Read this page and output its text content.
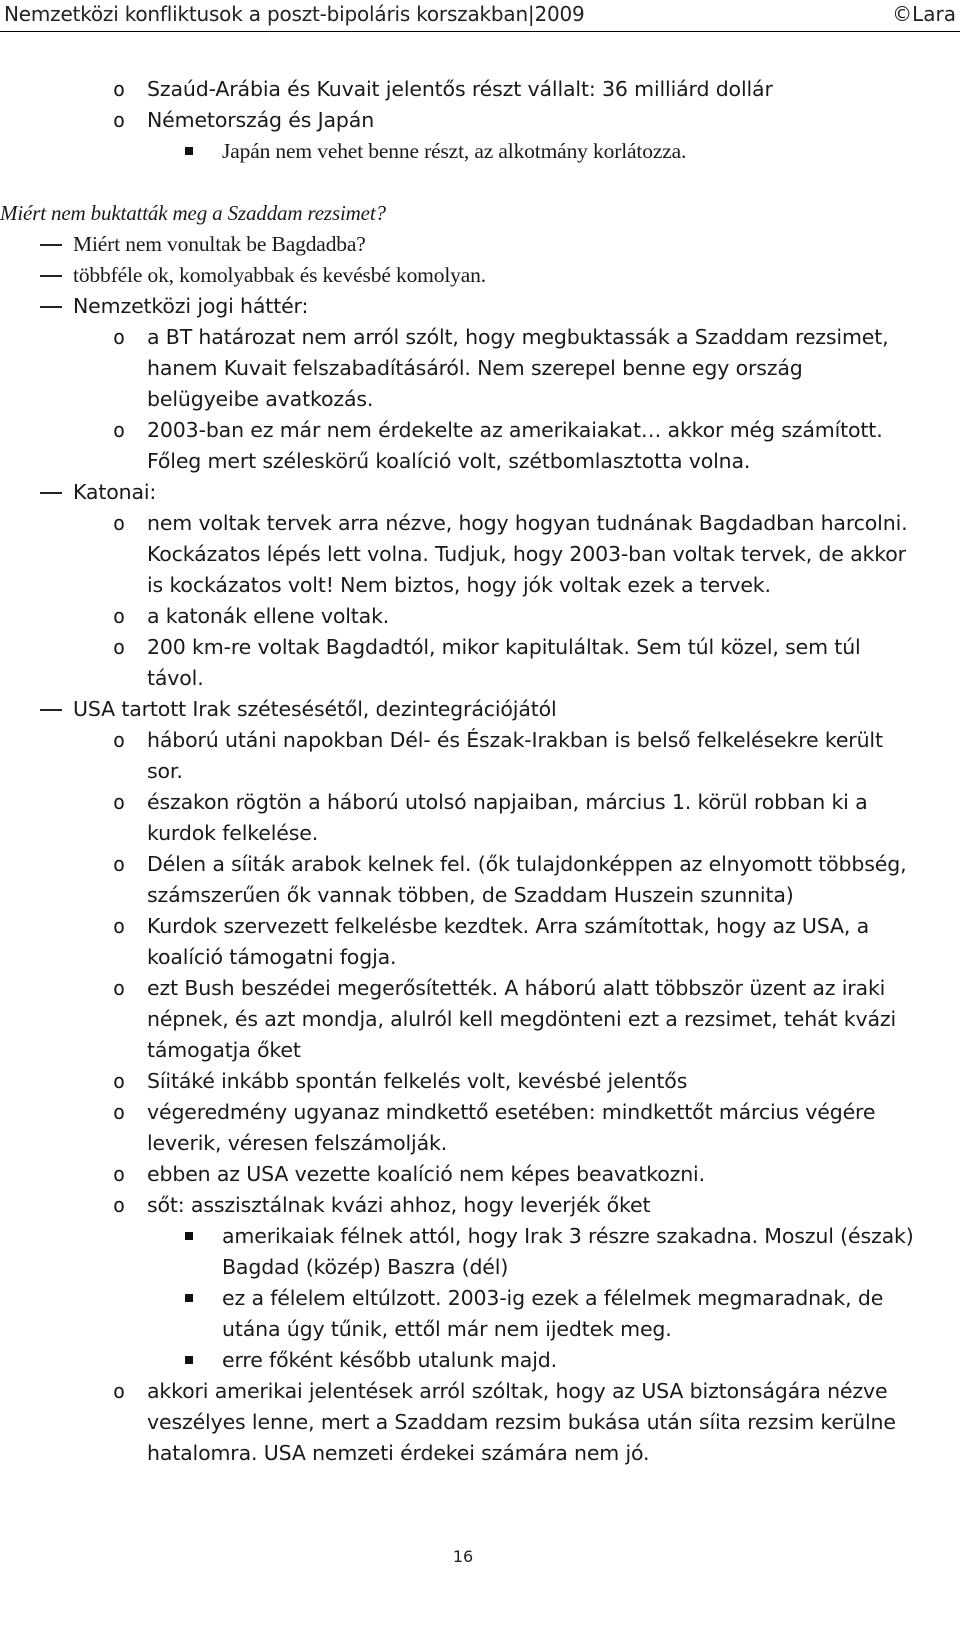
Nemzetközi konfliktusok a poszt-bipoláris korszakban|2009	©Lara
o Szaúd-Arábia és Kuvait jelentős részt vállalt: 36 milliárd dollár
o Németország és Japán
Japán nem vehet benne részt, az alkotmány korlátozza.
Miért nem buktatták meg a Szaddam rezsimet?
Miért nem vonultak be Bagdadba?
többféle ok, komolyabbak és kevésbé komolyan.
Nemzetközi jogi háttér:
o a BT határozat nem arról szólt, hogy megbuktassák a Szaddam rezsimet,
hanem Kuvait felszabadításáról. Nem szerepel benne egy ország
belügyeibe avatkozás.
o 2003-ban ez már nem érdekelte az amerikaiakat… akkor még számított.
Főleg mert széleskörű koalíció volt, szétbomlasztotta volna.
Katonai:
o nem voltak tervek arra nézve, hogy hogyan tudnának Bagdadban harcolni.
Kockázatos lépés lett volna. Tudjuk, hogy 2003-ban voltak tervek, de akkor
is kockázatos volt! Nem biztos, hogy jók voltak ezek a tervek.
o a katonák ellene voltak.
o 200 km-re voltak Bagdadtól, mikor kapituláltak. Sem túl közel, sem túl
távol.
USA tartott Irak szétesésétől, dezintegrációjától
o háború utáni napokban Dél- és Észak-Irakban is belső felkelésekre került
sor.
o északon rögtön a háború utolsó napjaiban, március 1. körül robban ki a
kurdok felkelése.
o Délen a síiták arabok kelnek fel. (ők tulajdonképpen az elnyomott többség,
számszerűen ők vannak többen, de Szaddam Huszein szunnita)
o Kurdok szervezett felkelésbe kezdtek. Arra számítottak, hogy az USA, a
koalíció támogatni fogja.
o ezt Bush beszédei megerősítették. A háború alatt többször üzent az iraki
népnek, és azt mondja, alulról kell megdönteni ezt a rezsimet, tehát kvázi
támogatja őket
o Síitáké inkább spontán felkelés volt, kevésbé jelentős
o végeredmény ugyanaz mindkettő esetében: mindkettőt március végére
leverik, véresen felszámolják.
o ebben az USA vezette koalíció nem képes beavatkozni.
o sőt: asszisztálnak kvázi ahhoz, hogy leverjék őket
amerikaiak félnek attól, hogy Irak 3 részre szakadna. Moszul (észak)
Bagdad (közép) Baszra (dél)
ez a félelem eltúlzott. 2003-ig ezek a félelmek megmaradnak, de
utána úgy tűnik, ettől már nem ijedtek meg.
erre főként később utalunk majd.
o akkori amerikai jelentések arról szóltak, hogy az USA biztonságára nézve
veszélyes lenne, mert a Szaddam rezsim bukása után síita rezsim kerülne
hatalomra. USA nemzeti érdekei számára nem jó.
16
